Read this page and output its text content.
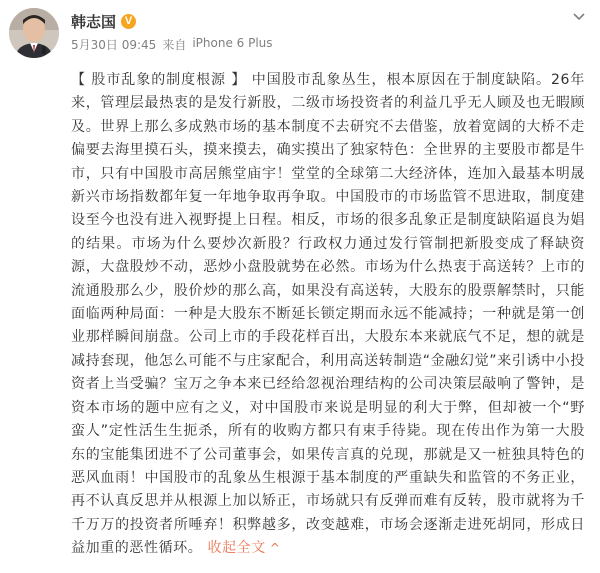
韩志国 V
5月30日 09:45 来自 iPhone 6 Plus
【 股市乱象的制度根源 】 中国股市乱象丛生，根本原因在于制度缺陷。26年来，管理层最热衷的是发行新股，二级市场投资者的利益几乎无人顾及也无暇顾及。世界上那么多成熟市场的基本制度不去研究不去借鉴，放着宽阔的大桥不走偏要去海里摸石头，摸来摸去，确实摸出了独家特色：全世界的主要股市都是牛市，只有中国股市高居熊堂庙宇！堂堂的全球第二大经济体，连加入最基本明晟新兴市场指数都年复一年地争取再争取。中国股市的市场监管不思进取，制度建设至今也没有进入视野提上日程。相反，市场的很多乱象正是制度缺陷逼良为娼的结果。市场为什么要炒次新股？行政权力通过发行管制把新股变成了释缺资源，大盘股炒不动，恶炒小盘股就势在必然。市场为什么热衷于高送转？上市的流通股那么少，股价炒的那么高，如果没有高送转，大股东的股票解禁时，只能面临两种局面：一种是大股东不断延长锁定期而永远不能减持；一种就是第一创业那样瞬间崩盘。公司上市的手段花样百出，大股东本来就底气不足，想的就是减持套现，他怎么可能不与庄家配合，利用高送转制造“金融幻觉”来引诱中小投资者上当受骗？宝万之争本来已经给忽视治理结构的公司决策层敲响了警钟，是资本市场的题中应有之义，对中国股市来说是明显的利大于弊，但却被一个“野蛮人”定性活生生扼杀，所有的收购方都只有束手待毙。现在传出作为第一大股东的宝能集团进不了公司董事会，如果传言真的兑现，那就是又一桩独具特色的恶风血雨！中国股市的乱象丛生根源于基本制度的严重缺失和监管的不务正业，再不认真反思并从根源上加以矫正，市场就只有反弹而难有反转，股市就将为千千万万的投资者所唾弃！积弊越多，改变越难，市场会逐渐走进死胡同，形成日益加重的恶性循环。 收起全文 ^
